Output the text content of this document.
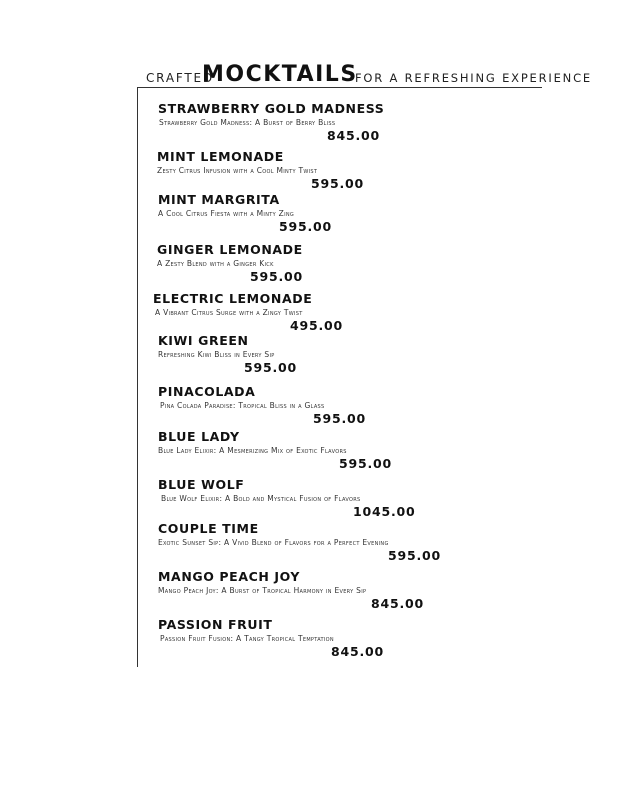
CRAFTED
MOCKTAILS
FOR A REFRESHING EXPERIENCE
STRAWBERRY GOLD MADNESS
Strawberry Gold Madness: A Burst of Berry Bliss
845.00
MINT LEMONADE
Zesty Citrus Infusion with a Cool Minty Twist
595.00
MINT MARGRITA
A Cool Citrus Fiesta with a Minty Zing
595.00
GINGER LEMONADE
A Zesty Blend with a Ginger Kick
595.00
ELECTRIC LEMONADE
A Vibrant Citrus Surge with a Zingy Twist
495.00
KIWI GREEN
Refreshing Kiwi Bliss in Every Sip
595.00
PINACOLADA
Pina Colada Paradise: Tropical Bliss in a Glass
595.00
BLUE LADY
Blue Lady Elixir: A Mesmerizing Mix of Exotic Flavors
595.00
BLUE WOLF
Blue Wolf Elixir: A Bold and Mystical Fusion of Flavors
1045.00
COUPLE TIME
Exotic Sunset Sip: A Vivid Blend of Flavors for a Perfect Evening
595.00
MANGO PEACH JOY
Mango Peach Joy: A Burst of Tropical Harmony in Every Sip
845.00
PASSION FRUIT
Passion Fruit Fusion: A Tangy Tropical Temptation
845.00
